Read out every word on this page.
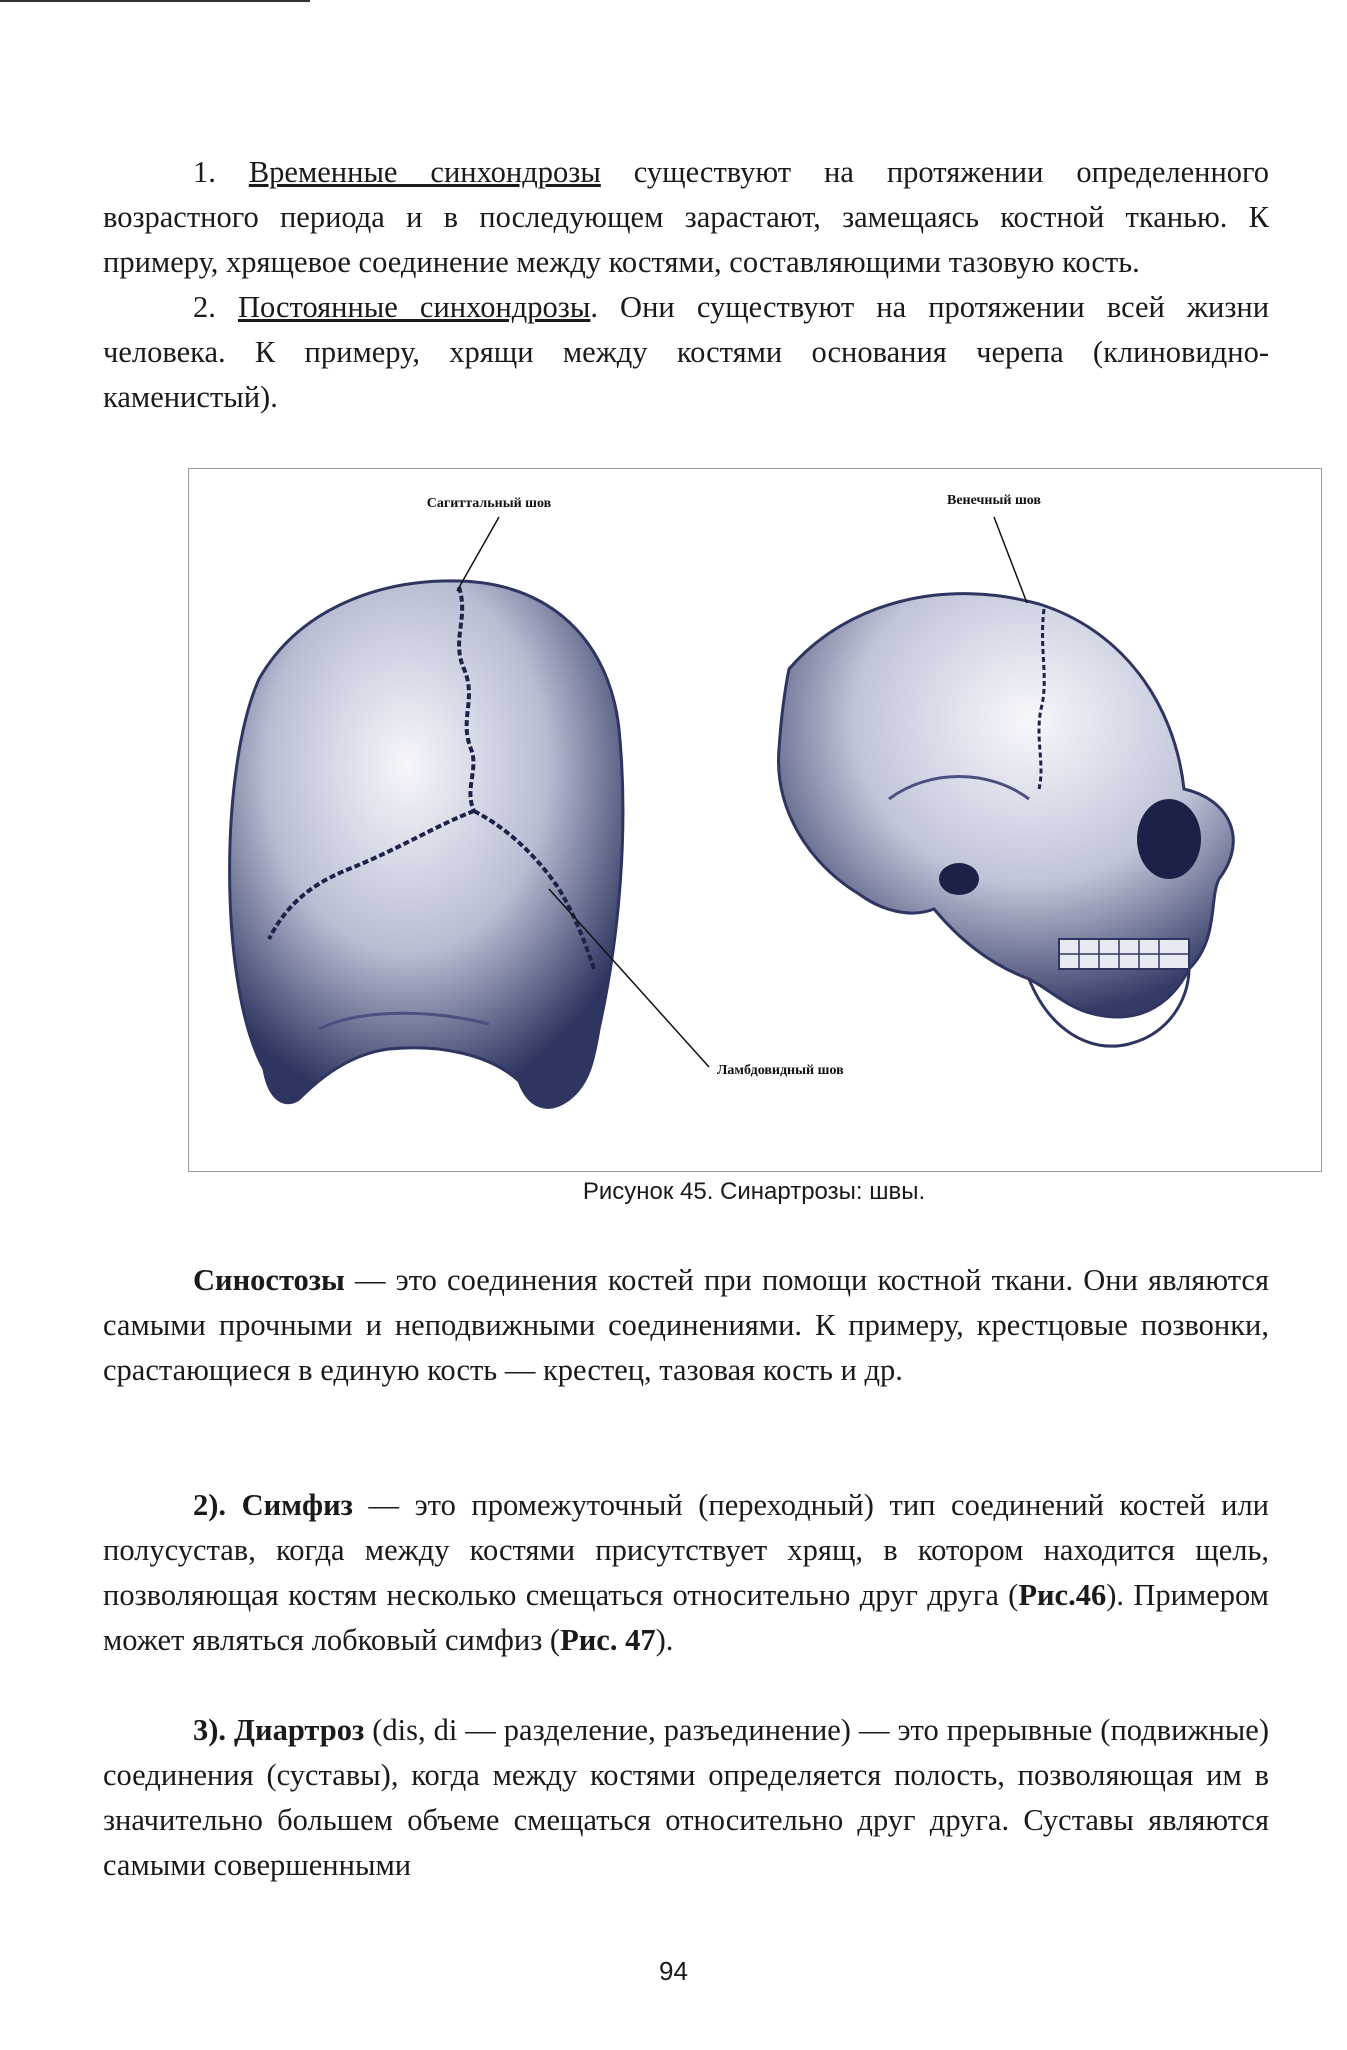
1. Временные синхондрозы существуют на протяжении определенного возрастного периода и в последующем зарастают, замещаясь костной тканью. К примеру, хрящевое соединение между костями, составляющими тазовую кость.
2. Постоянные синхондрозы. Они существуют на протяжении всей жизни человека. К примеру, хрящи между костями основания черепа (клиновидно-каменистый).
Сагиттальный шов	Венечный шов
Ламбдовидный шов
Рисунок 45. Синартрозы: швы.
Синостозы — это соединения костей при помощи костной ткани. Они являются самыми прочными и неподвижными соединениями. К примеру, крестцовые позвонки, срастающиеся в единую кость — крестец, тазовая кость и др.
2). Симфиз — это промежуточный (переходный) тип соединений костей или полусустав, когда между костями присутствует хрящ, в котором находится щель, позволяющая костям несколько смещаться относительно друг друга (Рис.46). Примером может являться лобковый симфиз (Рис. 47).
3). Диартроз (dis, di — разделение, разъединение) — это прерывные (подвижные) соединения (суставы), когда между костями определяется полость, позволяющая им в значительно большем объеме смещаться относительно друг друга. Суставы являются самыми совершенными
94
